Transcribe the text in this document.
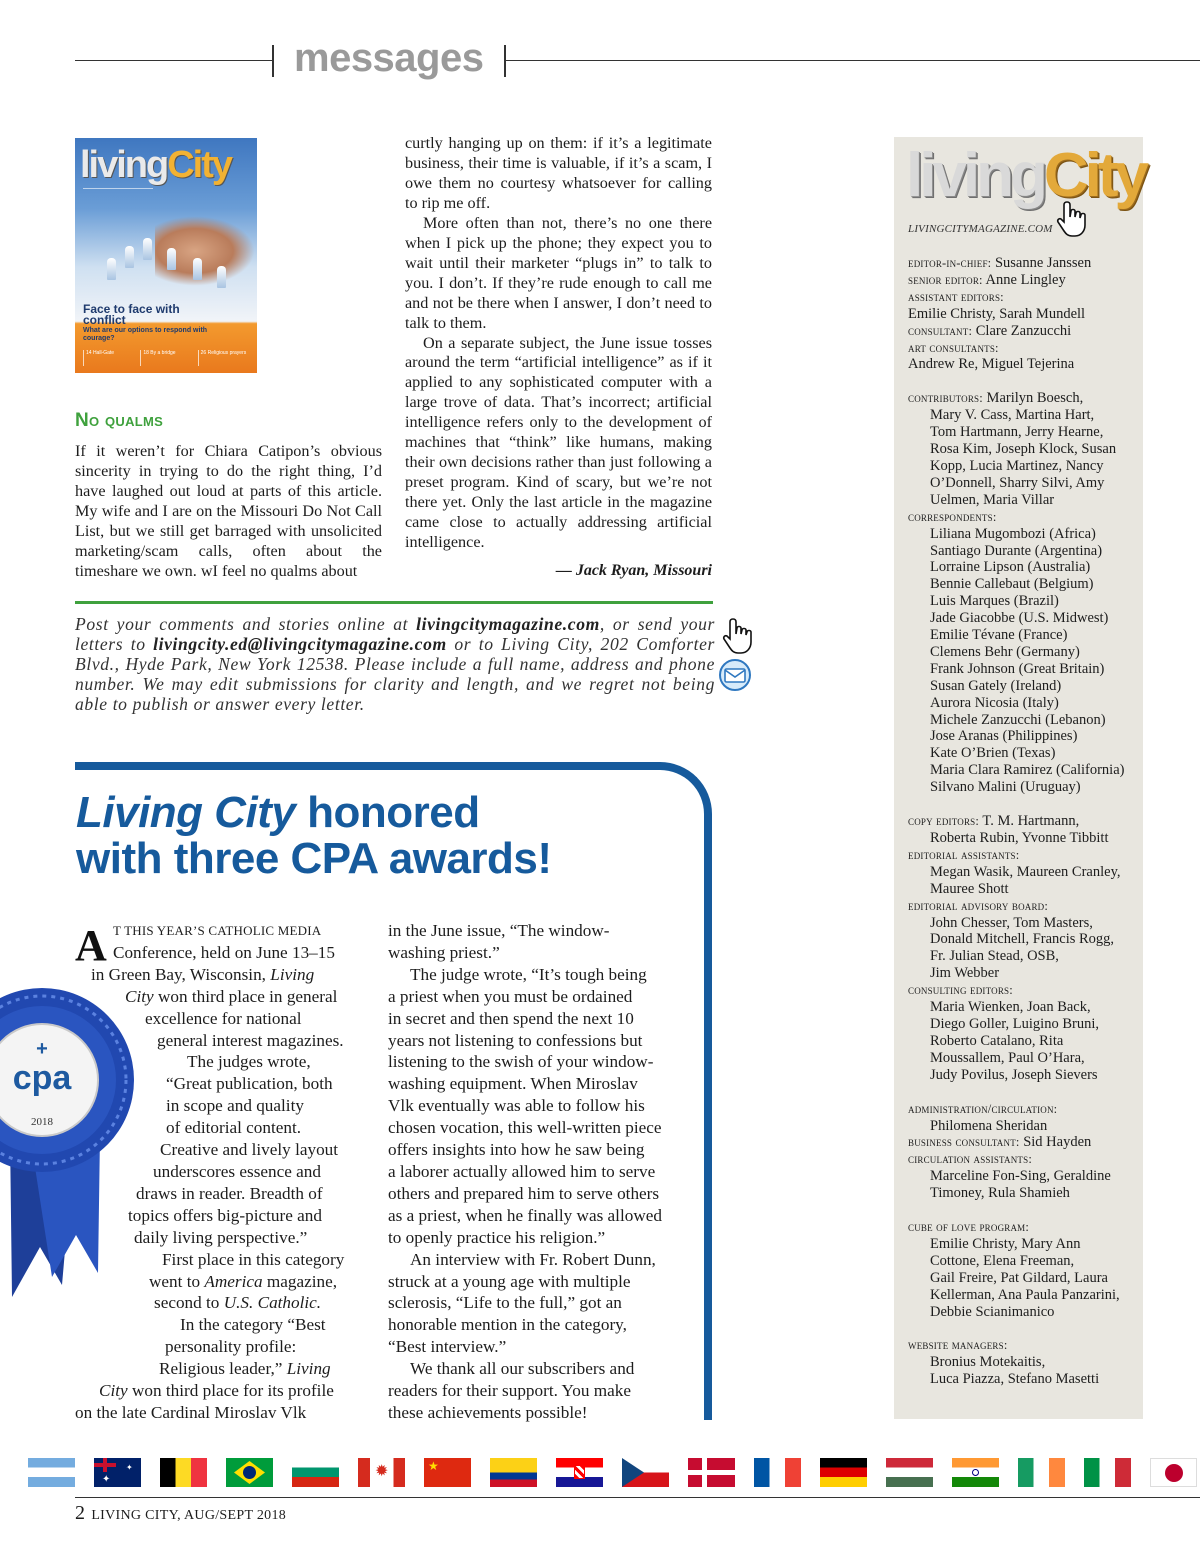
messages
livingCity
Face to face with conflict
What are our options to respond with courage?
14 Hall-Gate	18 By a bridge	26 Religious prayers
No qualms
If it weren’t for Chiara Catipon’s obvious sincerity in trying to do the right thing, I’d have laughed out loud at parts of this article. My wife and I are on the Missouri Do Not Call List, but we still get barraged with unsolicited marketing/scam calls, often about the timeshare we own. wI feel no qualms about

curtly hanging up on them: if it’s a legitimate business, their time is valuable, if it’s a scam, I owe them no courtesy whatsoever for calling to rip me off.

More often than not, there’s no one there when I pick up the phone; they expect you to wait until their marketer “plugs in” to talk to you. I don’t. If they’re rude enough to call me and not be there when I answer, I don’t need to talk to them.

On a separate subject, the June issue tosses around the term “artificial intelligence” as if it applied to any sophisticated computer with a large trove of data. That’s incorrect; artificial intelligence refers only to the development of machines that “think” like humans, making their own decisions rather than just following a preset program. Kind of scary, but we’re not there yet. Only the last article in the magazine came close to actually addressing artificial intelligence.

— Jack Ryan, Missouri
Post your comments and stories online at livingcitymagazine.com, or send your letters to livingcity.ed@livingcitymagazine.com or to Living City, 202 Comforter Blvd., Hyde Park, New York 12538. Please include a full name, address and phone number. We may edit submissions for clarity and length, and we regret not being able to publish or answer every letter.
Living City honored
with three CPA awards!
A T THIS YEAR’S CATHOLIC MEDIA
Conference, held on June 13–15
in Green Bay, Wisconsin, Living
City won third place in general
excellence for national
general interest magazines.
The judges wrote,
“Great publication, both
in scope and quality
of editorial content.
Creative and lively layout
underscores essence and
draws in reader. Breadth of
topics offers big-picture and
daily living perspective.”
First place in this category
went to America magazine,
second to U.S. Catholic.
In the category “Best
personality profile:
Religious leader,” Living
City won third place for its profile
on the late Cardinal Miroslav Vlk
in the June issue, “The window-
washing priest.”
The judge wrote, “It’s tough being
a priest when you must be ordained
in secret and then spend the next 10
years not listening to confessions but
listening to the swish of your window-
washing equipment. When Miroslav
Vlk eventually was able to follow his
chosen vocation, this well-written piece
offers insights into how he saw being
a laborer actually allowed him to serve
others and prepared him to serve others
as a priest, when he finally was allowed
to openly practice his religion.”
An interview with Fr. Robert Dunn,
struck at a young age with multiple
sclerosis, “Life to the full,” got an
honorable mention in the category,
“Best interview.”
We thank all our subscribers and
readers for their support. You make
these achievements possible!
+
cpa
2018
livingCity
LIVINGCITYMAGAZINE.COM
editor-in-chief: Susanne Janssen
senior editor: Anne Lingley
assistant editors:
Emilie Christy, Sarah Mundell
consultant: Clare Zanzucchi
art consultants:
Andrew Re, Miguel Tejerina
contributors: Marilyn Boesch,
Mary V. Cass, Martina Hart,
Tom Hartmann, Jerry Hearne,
Rosa Kim, Joseph Klock, Susan
Kopp, Lucia Martinez, Nancy
O’Donnell, Sharry Silvi, Amy
Uelmen, Maria Villar
correspondents:
Liliana Mugombozi (Africa)
Santiago Durante (Argentina)
Lorraine Lipson (Australia)
Bennie Callebaut (Belgium)
Luis Marques (Brazil)
Jade Giacobbe (U.S. Midwest)
Emilie Tévane (France)
Clemens Behr (Germany)
Frank Johnson (Great Britain)
Susan Gately (Ireland)
Aurora Nicosia (Italy)
Michele Zanzucchi (Lebanon)
Jose Aranas (Philippines)
Kate O’Brien (Texas)
Maria Clara Ramirez (California)
Silvano Malini (Uruguay)
copy editors: T. M. Hartmann,
Roberta Rubin, Yvonne Tibbitt
editorial assistants:
Megan Wasik, Maureen Cranley,
Mauree Shott
editorial advisory board:
John Chesser, Tom Masters,
Donald Mitchell, Francis Rogg,
Fr. Julian Stead, OSB,
Jim Webber
consulting editors:
Maria Wienken, Joan Back,
Diego Goller, Luigino Bruni,
Roberto Catalano, Rita
Moussallem, Paul O’Hara,
Judy Povilus, Joseph Sievers
administration/circulation:
Philomena Sheridan
business consultant: Sid Hayden
circulation assistants:
Marceline Fon-Sing, Geraldine
Timoney, Rula Shamieh
cube of love program:
Emilie Christy, Mary Ann
Cottone, Elena Freeman,
Gail Freire, Pat Gildard, Laura
Kellerman, Ana Paula Panzarini,
Debbie Scianimanico
website managers:
Bronius Motekaitis,
Luca Piazza, Stefano Masetti
✦
✦	✹	★
2 LIVING CITY, AUG/SEPT 2018
